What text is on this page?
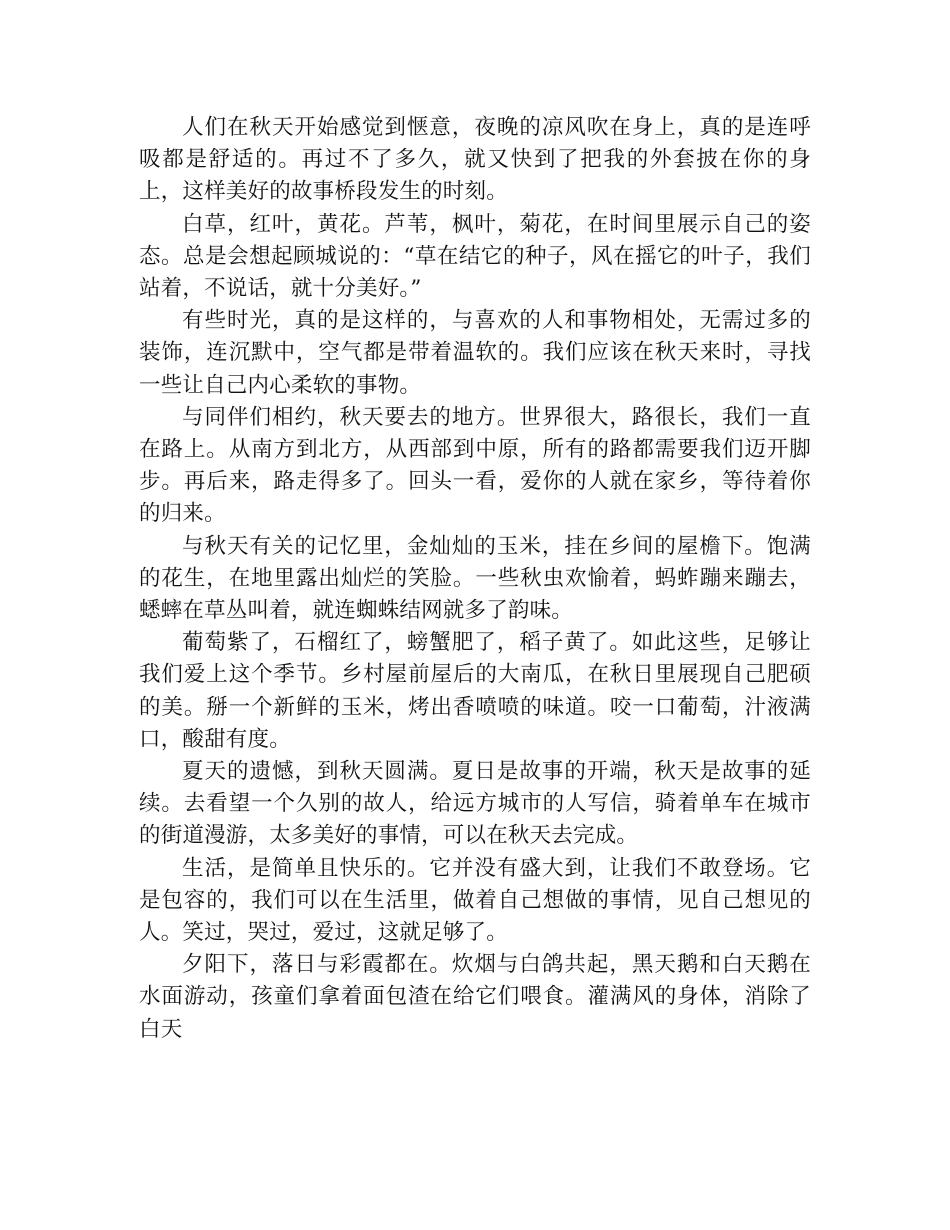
人们在秋天开始感觉到惬意，夜晚的凉风吹在身上，真的是连呼吸都是舒适的。再过不了多久，就又快到了把我的外套披在你的身上，这样美好的故事桥段发生的时刻。

白草，红叶，黄花。芦苇，枫叶，菊花，在时间里展示自己的姿态。总是会想起顾城说的：“草在结它的种子，风在摇它的叶子，我们站着，不说话，就十分美好。”

有些时光，真的是这样的，与喜欢的人和事物相处，无需过多的装饰，连沉默中，空气都是带着温软的。我们应该在秋天来时，寻找一些让自己内心柔软的事物。

与同伴们相约，秋天要去的地方。世界很大，路很长，我们一直在路上。从南方到北方，从西部到中原，所有的路都需要我们迈开脚步。再后来，路走得多了。回头一看，爱你的人就在家乡，等待着你的归来。

与秋天有关的记忆里，金灿灿的玉米，挂在乡间的屋檐下。饱满的花生，在地里露出灿烂的笑脸。一些秋虫欢愉着，蚂蚱蹦来蹦去，蟋蟀在草丛叫着，就连蜘蛛结网就多了韵味。

葡萄紫了，石榴红了，螃蟹肥了，稻子黄了。如此这些，足够让我们爱上这个季节。乡村屋前屋后的大南瓜，在秋日里展现自己肥硕的美。掰一个新鲜的玉米，烤出香喷喷的味道。咬一口葡萄，汁液满口，酸甜有度。

夏天的遗憾，到秋天圆满。夏日是故事的开端，秋天是故事的延续。去看望一个久别的故人，给远方城市的人写信，骑着单车在城市的街道漫游，太多美好的事情，可以在秋天去完成。

生活，是简单且快乐的。它并没有盛大到，让我们不敢登场。它是包容的，我们可以在生活里，做着自己想做的事情，见自己想见的人。笑过，哭过，爱过，这就足够了。

夕阳下，落日与彩霞都在。炊烟与白鸽共起，黑天鹅和白天鹅在水面游动，孩童们拿着面包渣在给它们喂食。灌满风的身体，消除了白天
